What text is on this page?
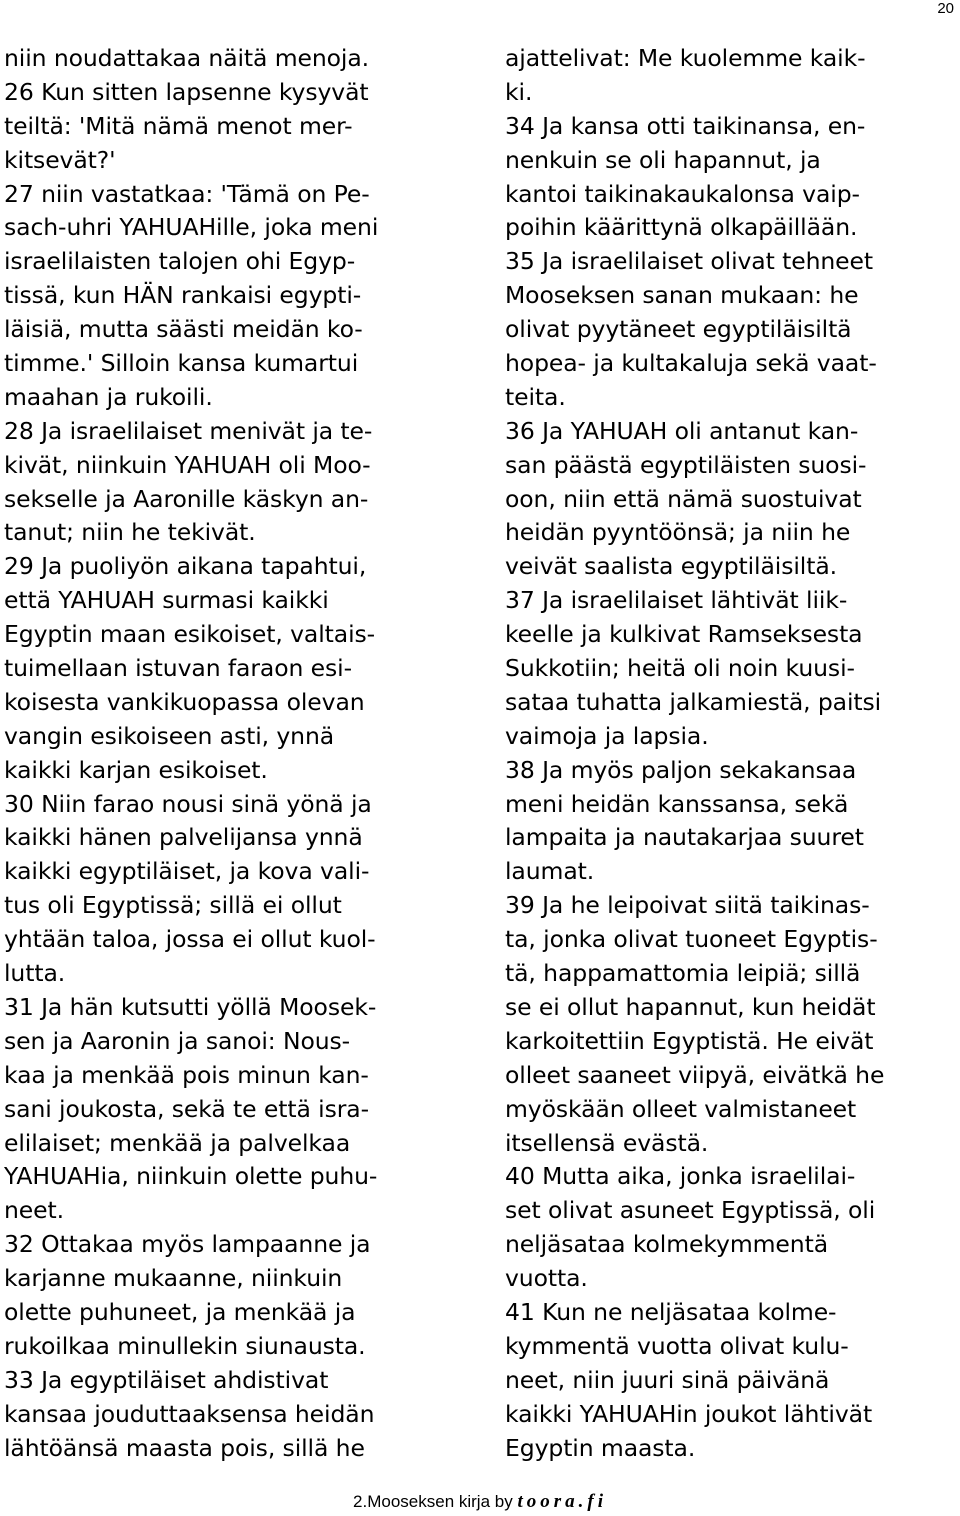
20
niin noudattakaa näitä menoja.
26 Kun sitten lapsenne kysyvät
teiltä: 'Mitä nämä menot mer-
kitsevät?'
27 niin vastatkaa: 'Tämä on Pe-
sach-uhri YAHUAHille, joka meni
israelilaisten talojen ohi Egyp-
tissä, kun HÄN rankaisi egypti-
läisiä, mutta säästi meidän ko-
timme.' Silloin kansa kumartui
maahan ja rukoili.
28 Ja israelilaiset menivät ja te-
kivät, niinkuin YAHUAH oli Moo-
sekselle ja Aaronille käskyn an-
tanut; niin he tekivät.
29 Ja puoliyön aikana tapahtui,
että YAHUAH surmasi kaikki
Egyptin maan esikoiset, valtais-
tuimellaan istuvan faraon esi-
koisesta vankikuopassa olevan
vangin esikoiseen asti, ynnä
kaikki karjan esikoiset.
30 Niin farao nousi sinä yönä ja
kaikki hänen palvelijansa ynnä
kaikki egyptiläiset, ja kova vali-
tus oli Egyptissä; sillä ei ollut
yhtään taloa, jossa ei ollut kuol-
lutta.
31 Ja hän kutsutti yöllä Moosek-
sen ja Aaronin ja sanoi: Nous-
kaa ja menkää pois minun kan-
sani joukosta, sekä te että isra-
elilaiset; menkää ja palvelkaa
YAHUAHia, niinkuin olette puhu-
neet.
32 Ottakaa myös lampaanne ja
karjanne mukaanne, niinkuin
olette puhuneet, ja menkää ja
rukoilkaa minullekin siunausta.
33 Ja egyptiläiset ahdistivat
kansaa jouduttaaksensa heidän
lähtöänsä maasta pois, sillä he
ajattelivat: Me kuolemme kaik-
ki.
34 Ja kansa otti taikinansa, en-
nenkuin se oli hapannut, ja
kantoi taikinakaukalonsa vaip-
poihin käärittynä olkapäillään.
35 Ja israelilaiset olivat tehneet
Mooseksen sanan mukaan: he
olivat pyytäneet egyptiläisiltä
hopea- ja kultakaluja sekä vaat-
teita.
36 Ja YAHUAH oli antanut kan-
san päästä egyptiläisten suosi-
oon, niin että nämä suostuivat
heidän pyyntöönsä; ja niin he
veivät saalista egyptiläisiltä.
37 Ja israelilaiset lähtivät liik-
keelle ja kulkivat Ramseksesta
Sukkotiin; heitä oli noin kuusi-
sataa tuhatta jalkamiestä, paitsi
vaimoja ja lapsia.
38 Ja myös paljon sekakansaa
meni heidän kanssansa, sekä
lampaita ja nautakarjaa suuret
laumat.
39 Ja he leipoivat siitä taikinas-
ta, jonka olivat tuoneet Egyptis-
tä, happamattomia leipiä; sillä
se ei ollut hapannut, kun heidät
karkoitettiin Egyptistä. He eivät
olleet saaneet viipyä, eivätkä he
myöskään olleet valmistaneet
itsellensä evästä.
40 Mutta aika, jonka israelilai-
set olivat asuneet Egyptissä, oli
neljäsataa kolmekymmentä
vuotta.
41 Kun ne neljäsataa kolme-
kymmentä vuotta olivat kulu-
neet, niin juuri sinä päivänä
kaikki YAHUAHin joukot lähtivät
Egyptin maasta.
2.Mooseksen kirja by toora.fi
